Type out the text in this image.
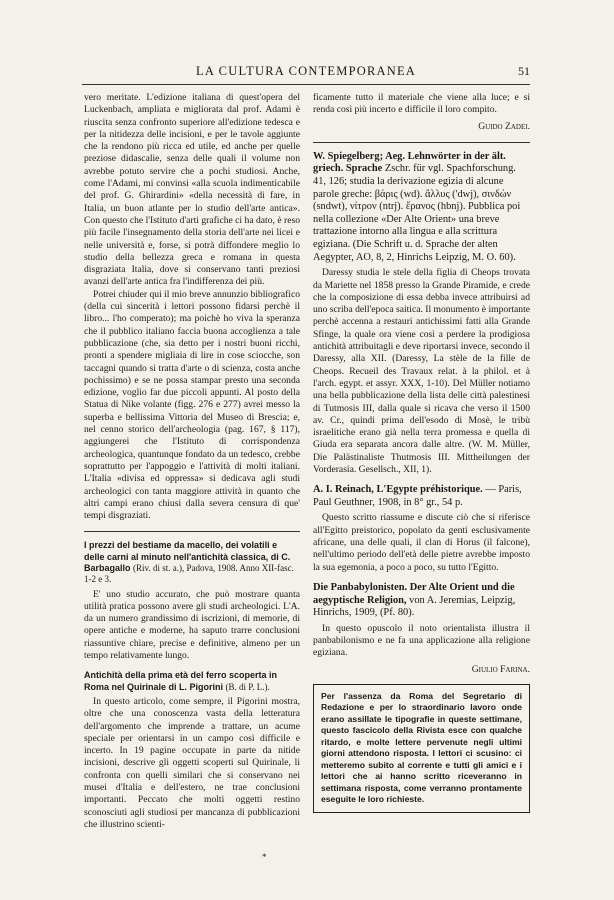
LA CULTURA CONTEMPORANEA	51

vero meritate. L'edizione italiana di quest'opera del Luckenbach, ampliata e migliorata dal prof. Adami è riuscita senza confronto superiore all'edizione tedesca e per la nitidezza delle incisioni, e per le tavole aggiunte che la rendono più ricca ed utile, ed anche per quelle preziose didascalie, senza delle quali il volume non avrebbe potuto servire che a pochi studiosi. Anche, come l'Adami, mi convinsi «alla scuola indimenticabile del prof. G. Ghirardini» «della necessità di fare, in Italia, un buon atlante per lo studio dell'arte antica». Con questo che l'Istituto d'arti grafiche ci ha dato, è reso più facile l'insegnamento della storia dell'arte nei licei e nelle università e, forse, si potrà diffondere meglio lo studio della bellezza greca e romana in questa disgraziata Italia, dove si conservano tanti preziosi avanzi dell'arte antica fra l'indifferenza dei più.

Potrei chiuder qui il mio breve annunzio bibliografico (della cui sincerità i lettori possono fidarsi perchè il libro... l'ho comperato); ma poichè ho viva la speranza che il pubblico italiano faccia buona accoglienza a tale pubblicazione (che, sia detto per i nostri buoni ricchi, pronti a spendere migliaia di lire in cose sciocche, son taccagni quando si tratta d'arte o di scienza, costa anche pochissimo) e se ne possa stampar presto una seconda edizione, voglio far due piccoli appunti. Al posto della Statua di Nike volante (figg. 276 e 277) avrei messo la superba e bellissima Vittoria del Museo di Brescia; e, nel cenno storico dell'archeologia (pag. 167, § 117), aggiungerei che l'Istituto di corrispondenza archeologica, quantunque fondato da un tedesco, crebbe soprattutto per l'appoggio e l'attività di molti italiani. L'Italia «divisa ed oppressa» si dedicava agli studi archeologici con tanta maggiore attività in quanto che altri campi erano chiusi dalla severa censura di que' tempi disgraziati.

I prezzi del bestiame da macello, dei volatili e delle carni al minuto nell'antichità classica, di C. Barbagallo (Riv. di st. a.), Padova, 1908. Anno XII-fasc. 1-2 e 3.

E' uno studio accurato, che può mostrare quanta utilità pratica possono avere gli studi archeologici. L'A. da un numero grandissimo di iscrizioni, di memorie, di opere antiche e moderne, ha saputo trarre conclusioni riassuntive chiare, precise e definitive, almeno per un tempo relativamente lungo.

Antichità della prima età del ferro scoperta in Roma nel Quirinale di L. Pigorini (B. di P. L.).

In questo articolo, come sempre, il Pigorini mostra, oltre che una conoscenza vasta della letteratura dell'argomento che imprende a trattare, un acume speciale per orientarsi in un campo così difficile e incerto. In 19 pagine occupate in parte da nitide incisioni, descrive gli oggetti scoperti sul Quirinale, li confronta con quelli similari che si conservano nei musei d'Italia e dell'estero, ne trae conclusioni importanti. Peccato che molti oggetti restino sconosciuti agli studiosi per mancanza di pubblicazioni che illustrino scienti-

ficamente tutto il materiale che viene alla luce; e si renda così più incerto e difficile il loro compito.

Guido Zadei.
W. Spiegelberg; Aeg. Lehnwörter in der ält. griech. Sprache Zschr. für vgl. Spachforschung. 41, 126; studia la derivazione egizia di alcune parole greche: βάρις (wd). ἄλλυς ('dwj), σινδών (sndwt), νίτρον (ntrj). ἔρανος (hbnj). Pubblica poi nella collezione «Der Alte Orient» una breve trattazione intorno alla lingua e alla scrittura egiziana. (Die Schrift u. d. Sprache der alten Aegypter, AO, 8, 2, Hinrichs Leipzig, M. O. 60).

Daressy studia le stele della figlia di Cheops trovata da Mariette nel 1858 presso la Grande Piramide, e crede che la composizione di essa debba invece attribuirsi ad uno scriba dell'epoca saitica. Il monumento è importante perchè accenna a restauri antichissimi fatti alla Grande Sfinge, la quale ora viene così a perdere la prodigiosa antichità attribuitagli e deve riportarsi invece, secondo il Daressy, alla XII. (Daressy, La stèle de la fille de Cheops. Recueil des Travaux relat. à la philol. et à l'arch. egypt. et assyr. XXX, 1-10). Del Müller notiamo una bella pubblicazione della lista delle città palestinesi di Tutmosis III, dalla quale si ricava che verso il 1500 av. Cr., quindi prima dell'esodo di Mosè, le tribù israelitiche erano già nella terra promessa e quella di Giuda era separata ancora dalle altre. (W. M. Müller, Die Palästinaliste Thutmosis III. Mittheilungen der Vorderasia. Gesellsch., XII, 1).

A. I. Reinach, L'Egypte préhistorique. — Paris, Paul Geuthner, 1908, in 8° gr., 54 p.

Questo scritto riassume e discute ciò che si riferisce all'Egitto preistorico, popolato da genti esclusivamente africane, una delle quali, il clan di Horus (il falcone), nell'ultimo periodo dell'età delle pietre avrebbe imposto la sua egemonia, a poco a poco, su tutto l'Egitto.

Die Panbabylonisten. Der Alte Orient und die aegyptische Religion, von A. Jeremias, Leipzig, Hinrichs, 1909, (Pf. 80).

In questo opuscolo il noto orientalista illustra il panbabilonismo e ne fa una applicazione alla religione egiziana.

Giulio Farina.
Per l'assenza da Roma del Segretario di Redazione e per lo straordinario lavoro onde erano assillate le tipografie in queste settimane, questo fascicolo della Rivista esce con qualche ritardo, e molte lettere pervenute negli ultimi giorni attendono risposta. I lettori ci scusino: ci metteremo subito al corrente e tutti gli amici e i lettori che ai hanno scritto riceveranno in settimana risposta, come verranno prontamente eseguite le loro richieste.
*
